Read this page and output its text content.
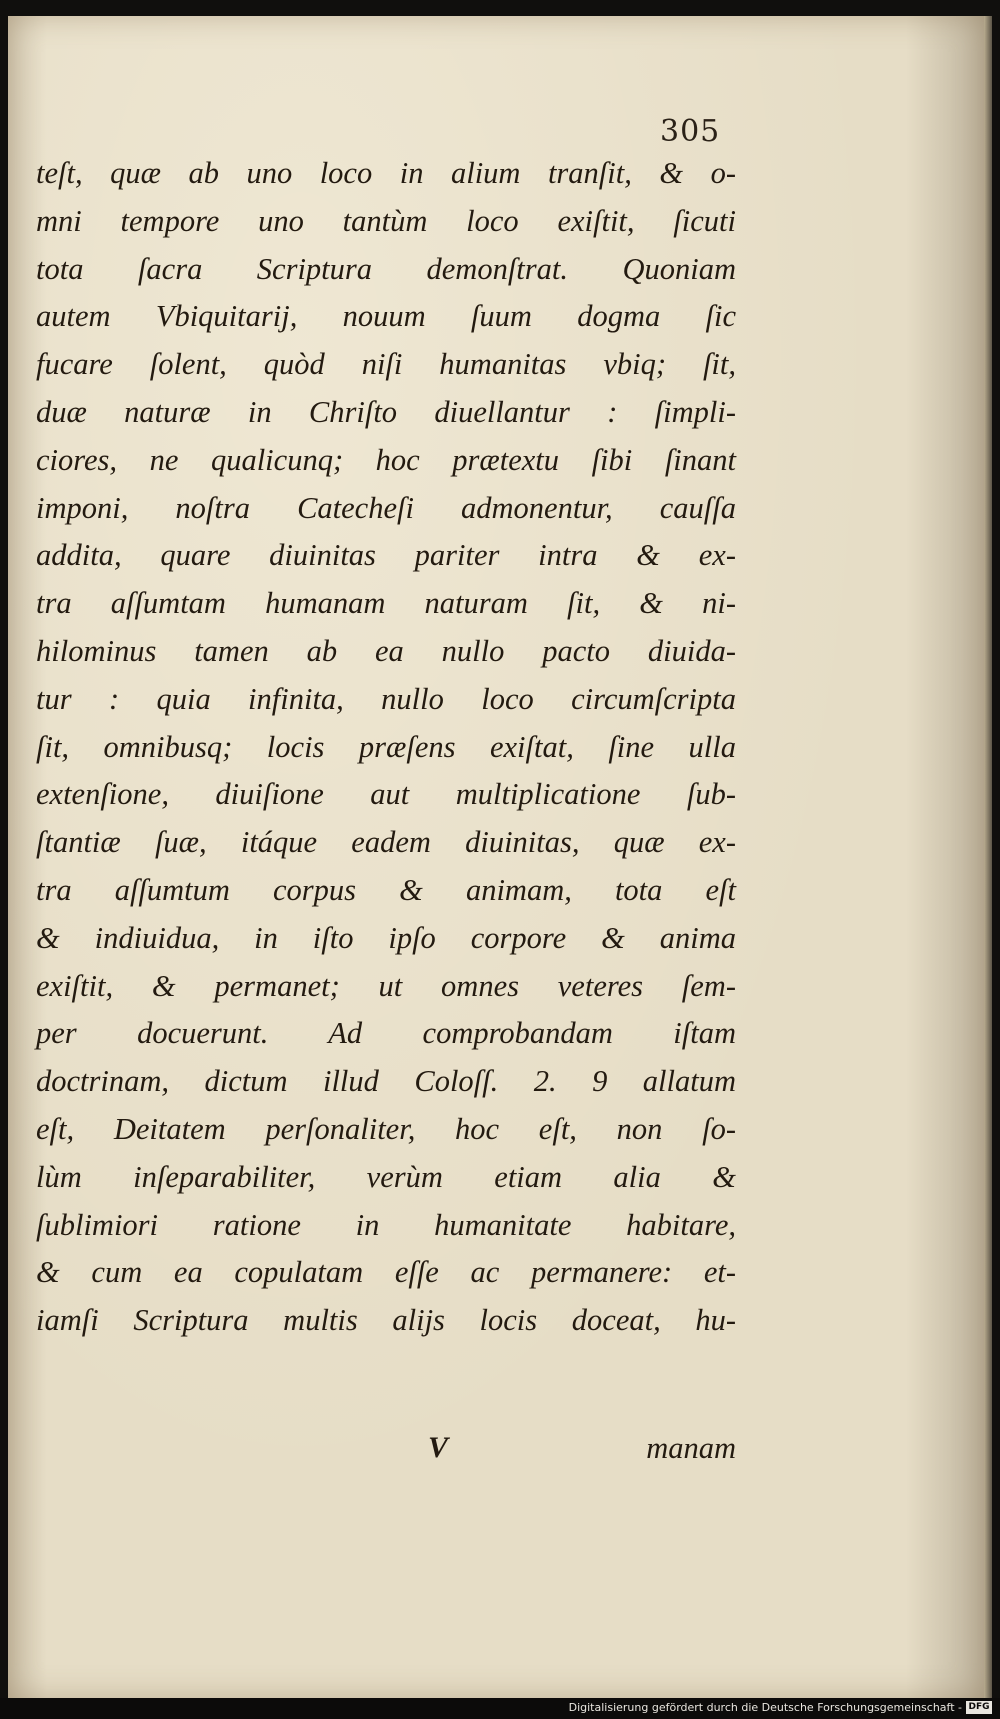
305
teſt, quæ ab uno loco in alium tranſit, & o-
mni tempore uno tantùm loco exiſtit, ſicuti
tota ſacra Scriptura demonſtrat. Quoniam
autem Vbiquitarij, nouum ſuum dogma ſic
fucare ſolent, quòd niſi humanitas vbiq; ſit,
duæ naturæ in Chriſto diuellantur : ſimpli-
ciores, ne qualicunq; hoc prætextu ſibi ſinant
imponi, noſtra Catecheſi admonentur, cauſſa
addita, quare diuinitas pariter intra & ex-
tra aſſumtam humanam naturam ſit, & ni-
hilominus tamen ab ea nullo pacto diuida-
tur : quia infinita, nullo loco circumſcripta
ſit, omnibusq; locis præſens exiſtat, ſine ulla
extenſione, diuiſione aut multiplicatione ſub-
ſtantiæ ſuæ, itáque eadem diuinitas, quæ ex-
tra aſſumtum corpus & animam, tota eſt
& indiuidua, in iſto ipſo corpore & anima
exiſtit, & permanet; ut omnes veteres ſem-
per docuerunt. Ad comprobandam iſtam
doctrinam, dictum illud Coloſſ. 2. 9 allatum
eſt, Deitatem perſonaliter, hoc eſt, non ſo-
lùm inſeparabiliter, verùm etiam alia &
ſublimiori ratione in humanitate habitare,
& cum ea copulatam eſſe ac permanere: et-
iamſi Scriptura multis alijs locis doceat, hu-
V	manam
Digitalisierung gefördert durch die Deutsche Forschungsgemeinschaft - DFG
